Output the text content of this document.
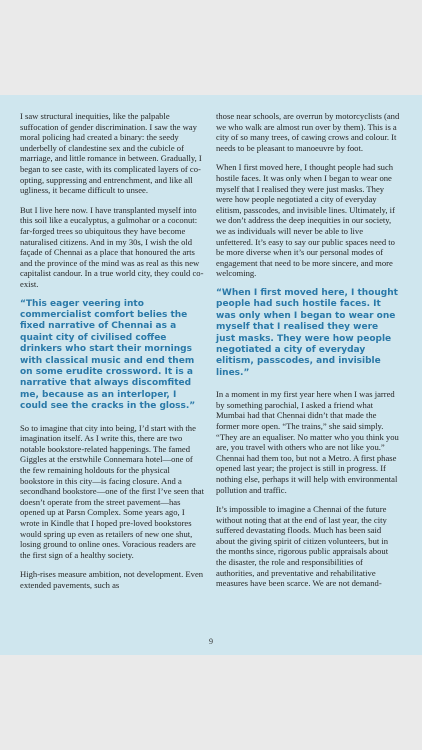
I saw structural inequities, like the palpable suffocation of gender discrimination. I saw the way moral policing had created a binary: the seedy underbelly of clandestine sex and the cubicle of marriage, and little romance in between. Gradually, I began to see caste, with its complicated layers of co-opting, suppressing and entrenchment, and like all ugliness, it became difficult to unsee.

But I live here now. I have transplanted myself into this soil like a eucalyptus, a gulmohar or a coconut: far-forged trees so ubiquitous they have become naturalised citizens. And in my 30s, I wish the old façade of Chennai as a place that honoured the arts and the province of the mind was as real as this new capitalist candour. In a true world city, they could co-exist.

“This eager veering into commercialist comfort belies the fixed narrative of Chennai as a quaint city of civilised coffee drinkers who start their mornings with classical music and end them on some erudite crossword. It is a narrative that always discomfited me, because as an interloper, I could see the cracks in the gloss.”

So to imagine that city into being, I’d start with the imagination itself. As I write this, there are two notable bookstore-related happenings. The famed Giggles at the erstwhile Connemara hotel—one of the few remaining holdouts for the physical bookstore in this city—is facing closure. And a secondhand bookstore—one of the first I’ve seen that doesn’t operate from the street pavement—has opened up at Parsn Complex. Some years ago, I wrote in Kindle that I hoped pre-loved bookstores would spring up even as retailers of new one shut, losing ground to online ones. Voracious readers are the first sign of a healthy society.

High-rises measure ambition, not development. Even extended pavements, such as

those near schools, are overrun by motorcyclists (and we who walk are almost run over by them). This is a city of so many trees, of cawing crows and colour. It needs to be pleasant to manoeuvre by foot.

When I first moved here, I thought people had such hostile faces. It was only when I began to wear one myself that I realised they were just masks. They were how people negotiated a city of everyday elitism, passcodes, and invisible lines. Ultimately, if we don’t address the deep inequities in our society, we as individuals will never be able to live unfettered. It’s easy to say our public spaces need to be more diverse when it’s our personal modes of engagement that need to be more sincere, and more welcoming.

“When I first moved here, I thought people had such hostile faces. It was only when I began to wear one myself that I realised they were just masks. They were how people negotiated a city of everyday elitism, passcodes, and invisible lines.”

In a moment in my first year here when I was jarred by something parochial, I asked a friend what Mumbai had that Chennai didn’t that made the former more open. “The trains,” she said simply. “They are an equaliser. No matter who you think you are, you travel with others who are not like you.” Chennai had them too, but not a Metro. A first phase opened last year; the project is still in progress. If nothing else, perhaps it will help with environmental pollution and traffic.

It’s impossible to imagine a Chennai of the future without noting that at the end of last year, the city suffered devastating floods. Much has been said about the giving spirit of citizen volunteers, but in the months since, rigorous public appraisals about the disaster, the role and responsibilities of authorities, and preventative and rehabilitative measures have been scarce. We are not demand-

9
